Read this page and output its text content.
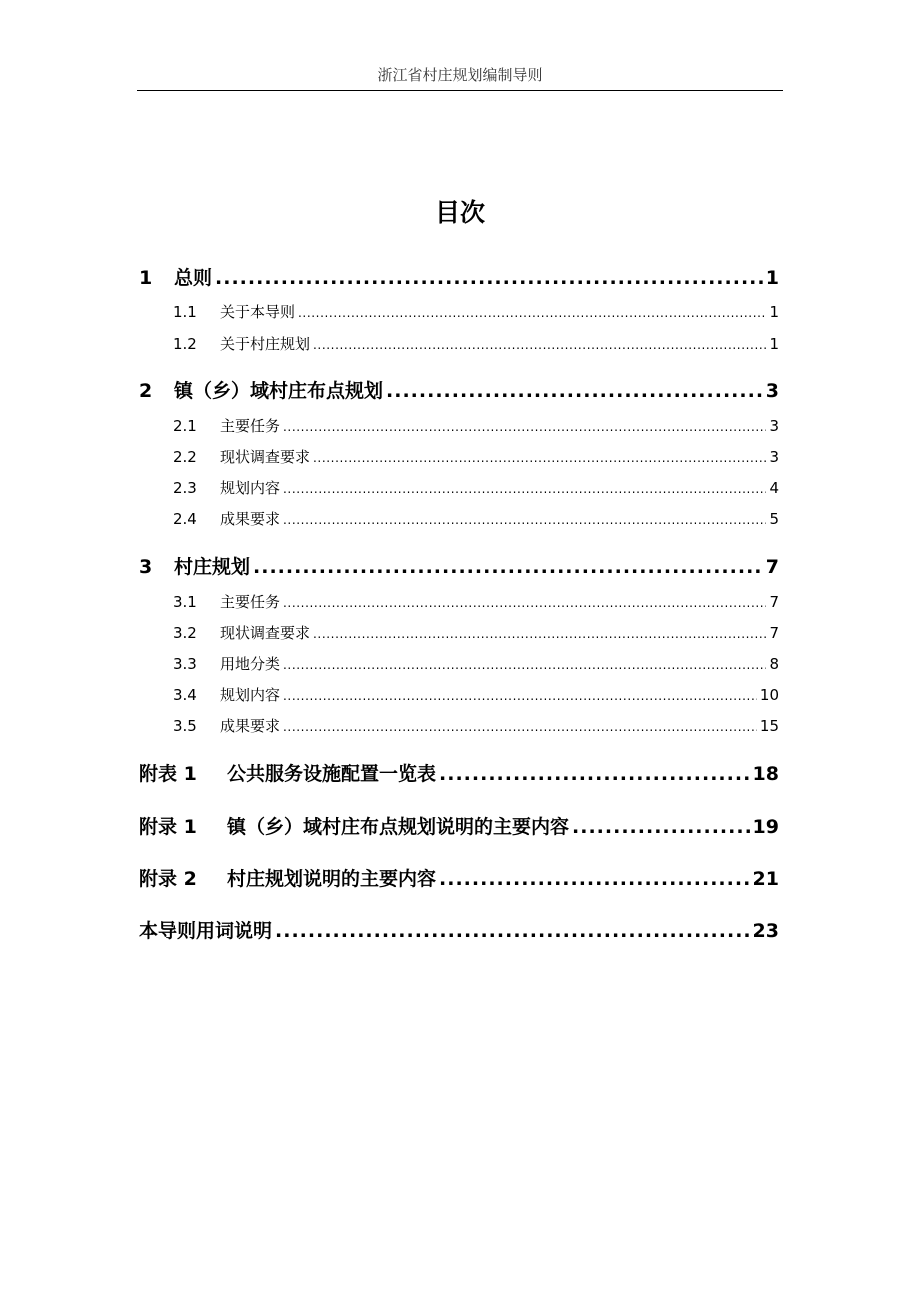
浙江省村庄规划编制导则
目次
1	总则 .....	1
1.1	关于本导则 .....	1
1.2	关于村庄规划 .....	1
2	镇（乡）域村庄布点规划 .....	3
2.1	主要任务 .....	3
2.2	现状调查要求 .....	3
2.3	规划内容 .....	4
2.4	成果要求 .....	5
3	村庄规划 .....	7
3.1	主要任务 .....	7
3.2	现状调查要求 .....	7
3.3	用地分类 .....	8
3.4	规划内容 .....	10
3.5	成果要求 .....	15
附表 1	公共服务设施配置一览表 .....	18
附录 1	镇（乡）域村庄布点规划说明的主要内容 .....	19
附录 2	村庄规划说明的主要内容 .....	21
本导则用词说明 .....	23
